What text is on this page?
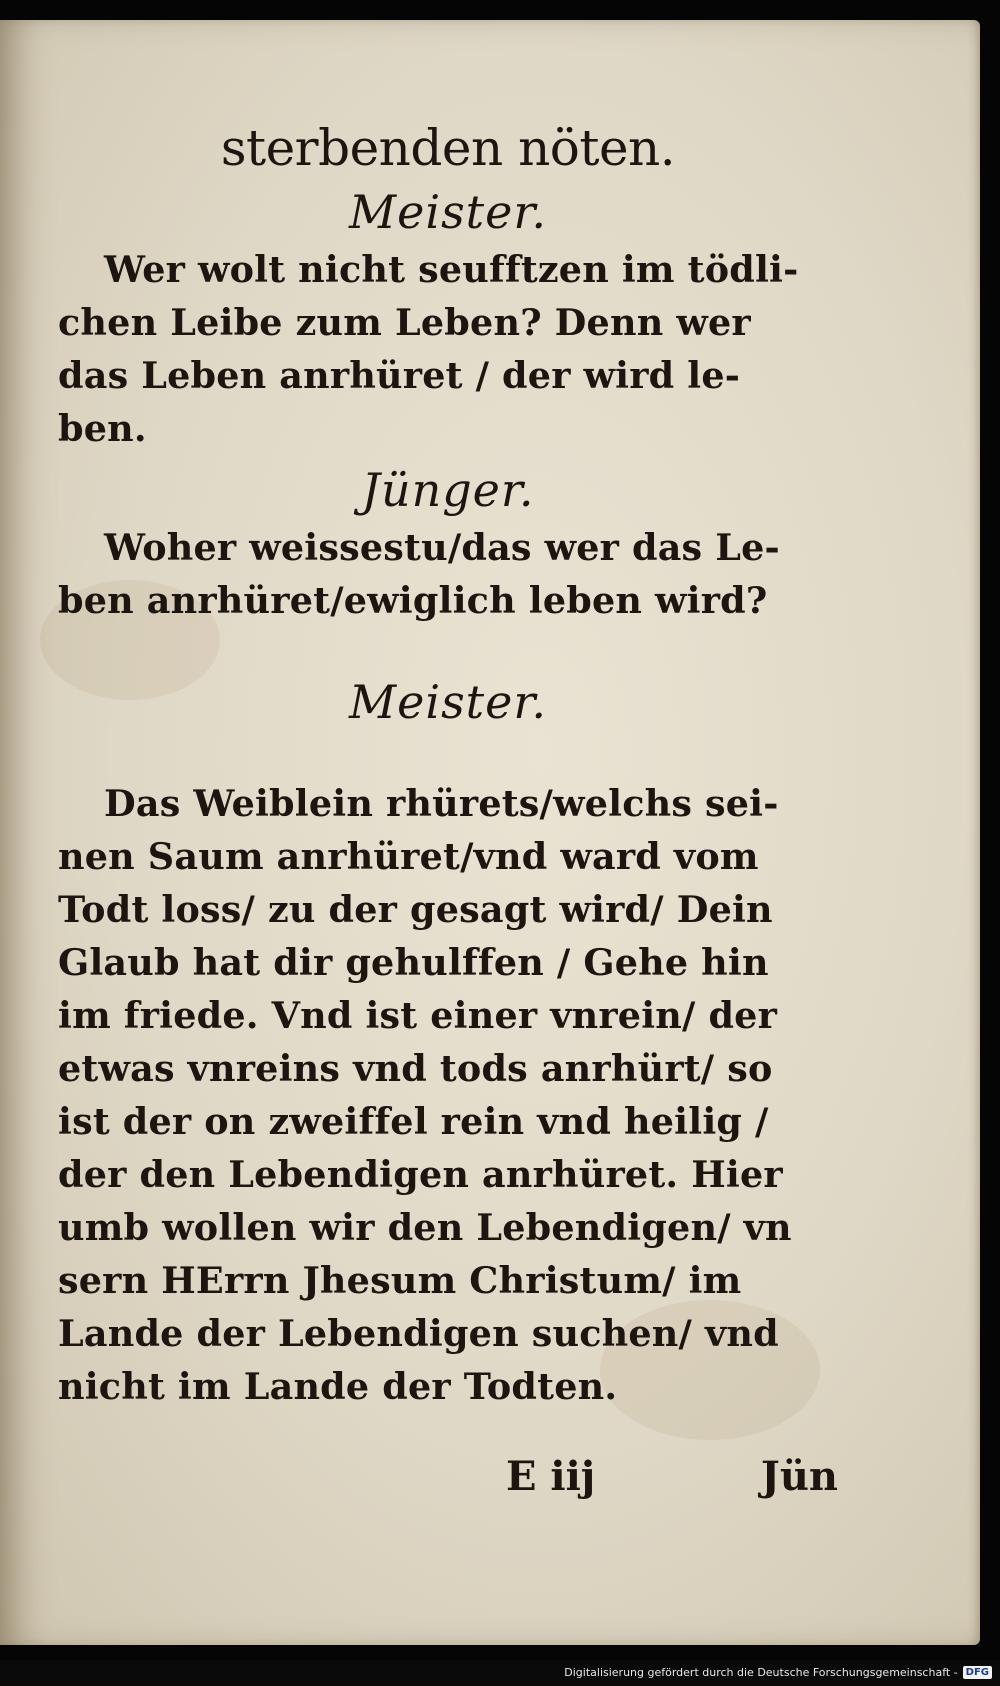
sterbenden nöten.
Meister.
Wer wolt nicht seufftzen im tödli-
chen Leibe zum Leben? Denn wer
das Leben anrhüret / der wird le-
ben.
Jünger.
Woher weissestu/das wer das Le-
ben anrhüret/ewiglich leben wird?
Meister.
Das Weiblein rhürets/welchs sei-
nen Saum anrhüret/vnd ward vom
Todt loss/ zu der gesagt wird/ Dein
Glaub hat dir gehulffen / Gehe hin
im friede. Vnd ist einer vnrein/ der
etwas vnreins vnd tods anrhürt/ so
ist der on zweiffel rein vnd heilig /
der den Lebendigen anrhüret. Hier
umb wollen wir den Lebendigen/ vn
sern HErrn Jhesum Christum/ im
Lande der Lebendigen suchen/ vnd
nicht im Lande der Todten.
E iij	Jün
Digitalisierung gefördert durch die Deutsche Forschungsgemeinschaft - DFG
